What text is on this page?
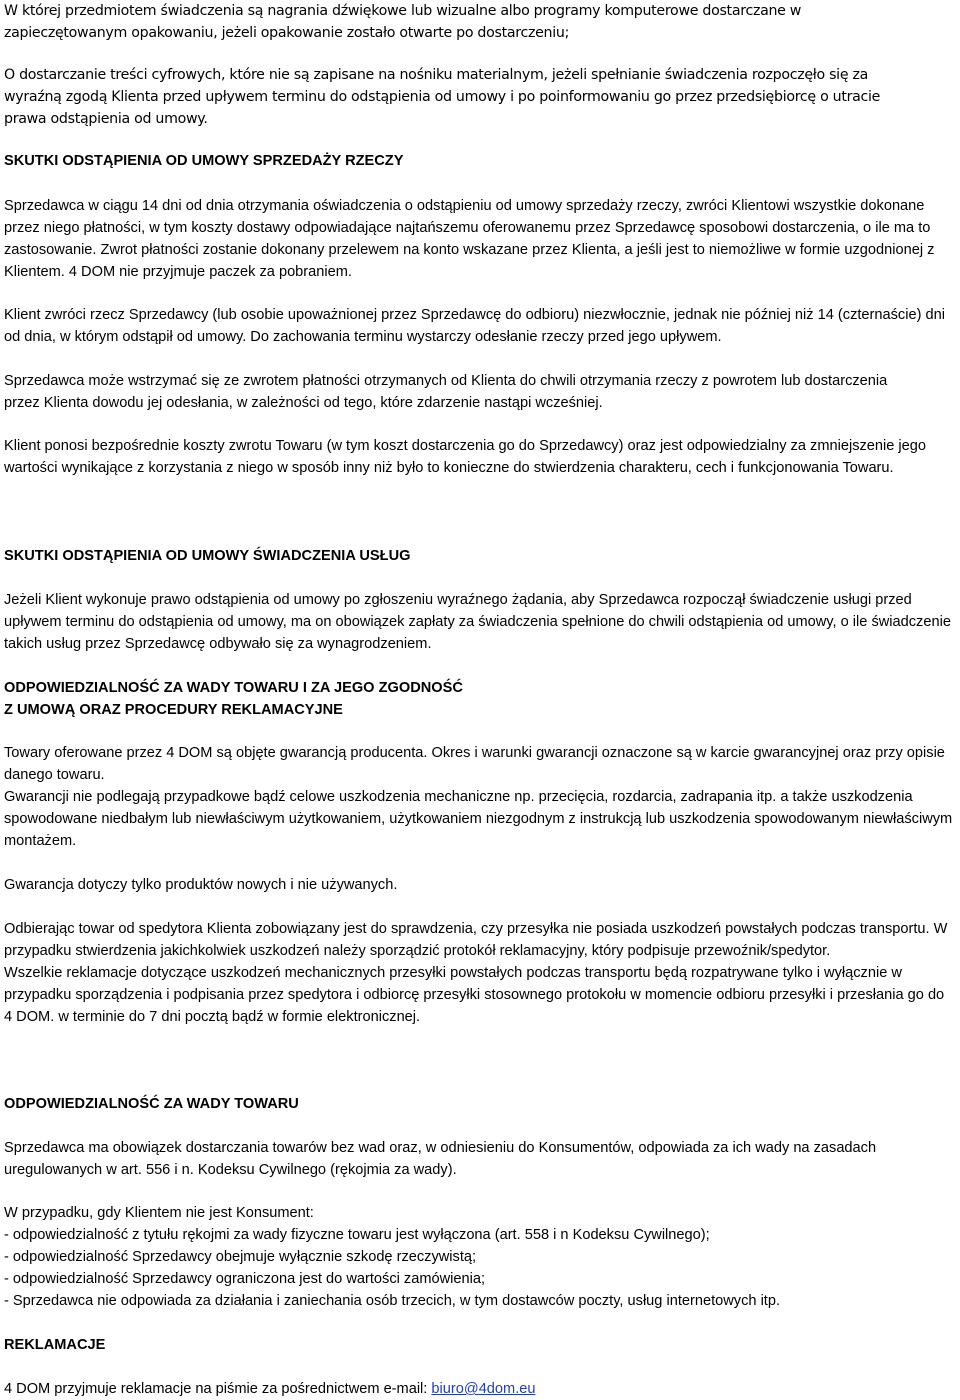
W której przedmiotem świadczenia są nagrania dźwiękowe lub wizualne albo programy komputerowe dostarczane w zapieczętowanym opakowaniu, jeżeli opakowanie zostało otwarte po dostarczeniu;

O dostarczanie treści cyfrowych, które nie są zapisane na nośniku materialnym, jeżeli spełnianie świadczenia rozpoczęło się za wyraźną zgodą Klienta przed upływem terminu do odstąpienia od umowy i po poinformowaniu go przez przedsiębiorcę o utracie prawa odstąpienia od umowy.

SKUTKI ODSTĄPIENIA OD UMOWY SPRZEDAŻY RZECZY

Sprzedawca w ciągu 14 dni od dnia otrzymania oświadczenia o odstąpieniu od umowy sprzedaży rzeczy, zwróci Klientowi wszystkie dokonane przez niego płatności, w tym koszty dostawy odpowiadające najtańszemu oferowanemu przez Sprzedawcę sposobowi dostarczenia, o ile ma to zastosowanie. Zwrot płatności zostanie dokonany przelewem na konto wskazane przez Klienta, a jeśli jest to niemożliwe w formie uzgodnionej z Klientem. 4 DOM nie przyjmuje paczek za pobraniem.

Klient zwróci rzecz Sprzedawcy (lub osobie upoważnionej przez Sprzedawcę do odbioru) niezwłocznie, jednak nie później niż 14 (czternaście) dni od dnia, w którym odstąpił od umowy. Do zachowania terminu wystarczy odesłanie rzeczy przed jego upływem.

Sprzedawca może wstrzymać się ze zwrotem płatności otrzymanych od Klienta do chwili otrzymania rzeczy z powrotem lub dostarczenia przez Klienta dowodu jej odesłania, w zależności od tego, które zdarzenie nastąpi wcześniej.

Klient ponosi bezpośrednie koszty zwrotu Towaru (w tym koszt dostarczenia go do Sprzedawcy) oraz jest odpowiedzialny za zmniejszenie jego wartości wynikające z korzystania z niego w sposób inny niż było to konieczne do stwierdzenia charakteru, cech i funkcjonowania Towaru.

SKUTKI ODSTĄPIENIA OD UMOWY ŚWIADCZENIA USŁUG

Jeżeli Klient wykonuje prawo odstąpienia od umowy po zgłoszeniu wyraźnego żądania, aby Sprzedawca rozpoczął świadczenie usługi przed upływem terminu do odstąpienia od umowy, ma on obowiązek zapłaty za świadczenia spełnione do chwili odstąpienia od umowy, o ile świadczenie takich usług przez Sprzedawcę odbywało się za wynagrodzeniem.

ODPOWIEDZIALNOŚĆ ZA WADY TOWARU I ZA JEGO ZGODNOŚĆ

Z UMOWĄ ORAZ PROCEDURY REKLAMACYJNE

Towary oferowane przez 4 DOM są objęte gwarancją producenta. Okres i warunki gwarancji oznaczone są w karcie gwarancyjnej oraz przy opisie danego towaru.

Gwarancji nie podlegają przypadkowe bądź celowe uszkodzenia mechaniczne np. przecięcia, rozdarcia, zadrapania itp. a także uszkodzenia spowodowane niedbałym lub niewłaściwym użytkowaniem, użytkowaniem niezgodnym z instrukcją lub uszkodzenia spowodowanym niewłaściwym montażem.

Gwarancja dotyczy tylko produktów nowych i nie używanych.

Odbierając towar od spedytora Klienta zobowiązany jest do sprawdzenia, czy przesyłka nie posiada uszkodzeń powstałych podczas transportu. W przypadku stwierdzenia jakichkolwiek uszkodzeń należy sporządzić protokół reklamacyjny, który podpisuje przewoźnik/spedytor.

Wszelkie reklamacje dotyczące uszkodzeń mechanicznych przesyłki powstałych podczas transportu będą rozpatrywane tylko i wyłącznie w przypadku sporządzenia i podpisania przez spedytora i odbiorcę przesyłki stosownego protokołu w momencie odbioru przesyłki i przesłania go do 4 DOM. w terminie do 7 dni pocztą bądź w formie elektronicznej.

ODPOWIEDZIALNOŚĆ ZA WADY TOWARU

Sprzedawca ma obowiązek dostarczania towarów bez wad oraz, w odniesieniu do Konsumentów, odpowiada za ich wady na zasadach uregulowanych w art. 556 i n. Kodeksu Cywilnego (rękojmia za wady).

W przypadku, gdy Klientem nie jest Konsument:

- odpowiedzialność z tytułu rękojmi za wady fizyczne towaru jest wyłączona (art. 558 i n Kodeksu Cywilnego);
- odpowiedzialność Sprzedawcy obejmuje wyłącznie szkodę rzeczywistą;
- odpowiedzialność Sprzedawcy ograniczona jest do wartości zamówienia;
- Sprzedawca nie odpowiada za działania i zaniechania osób trzecich, w tym dostawców poczty, usług internetowych itp.

REKLAMACJE

4 DOM przyjmuje reklamacje na piśmie za pośrednictwem e-mail: biuro@4dom.eu
